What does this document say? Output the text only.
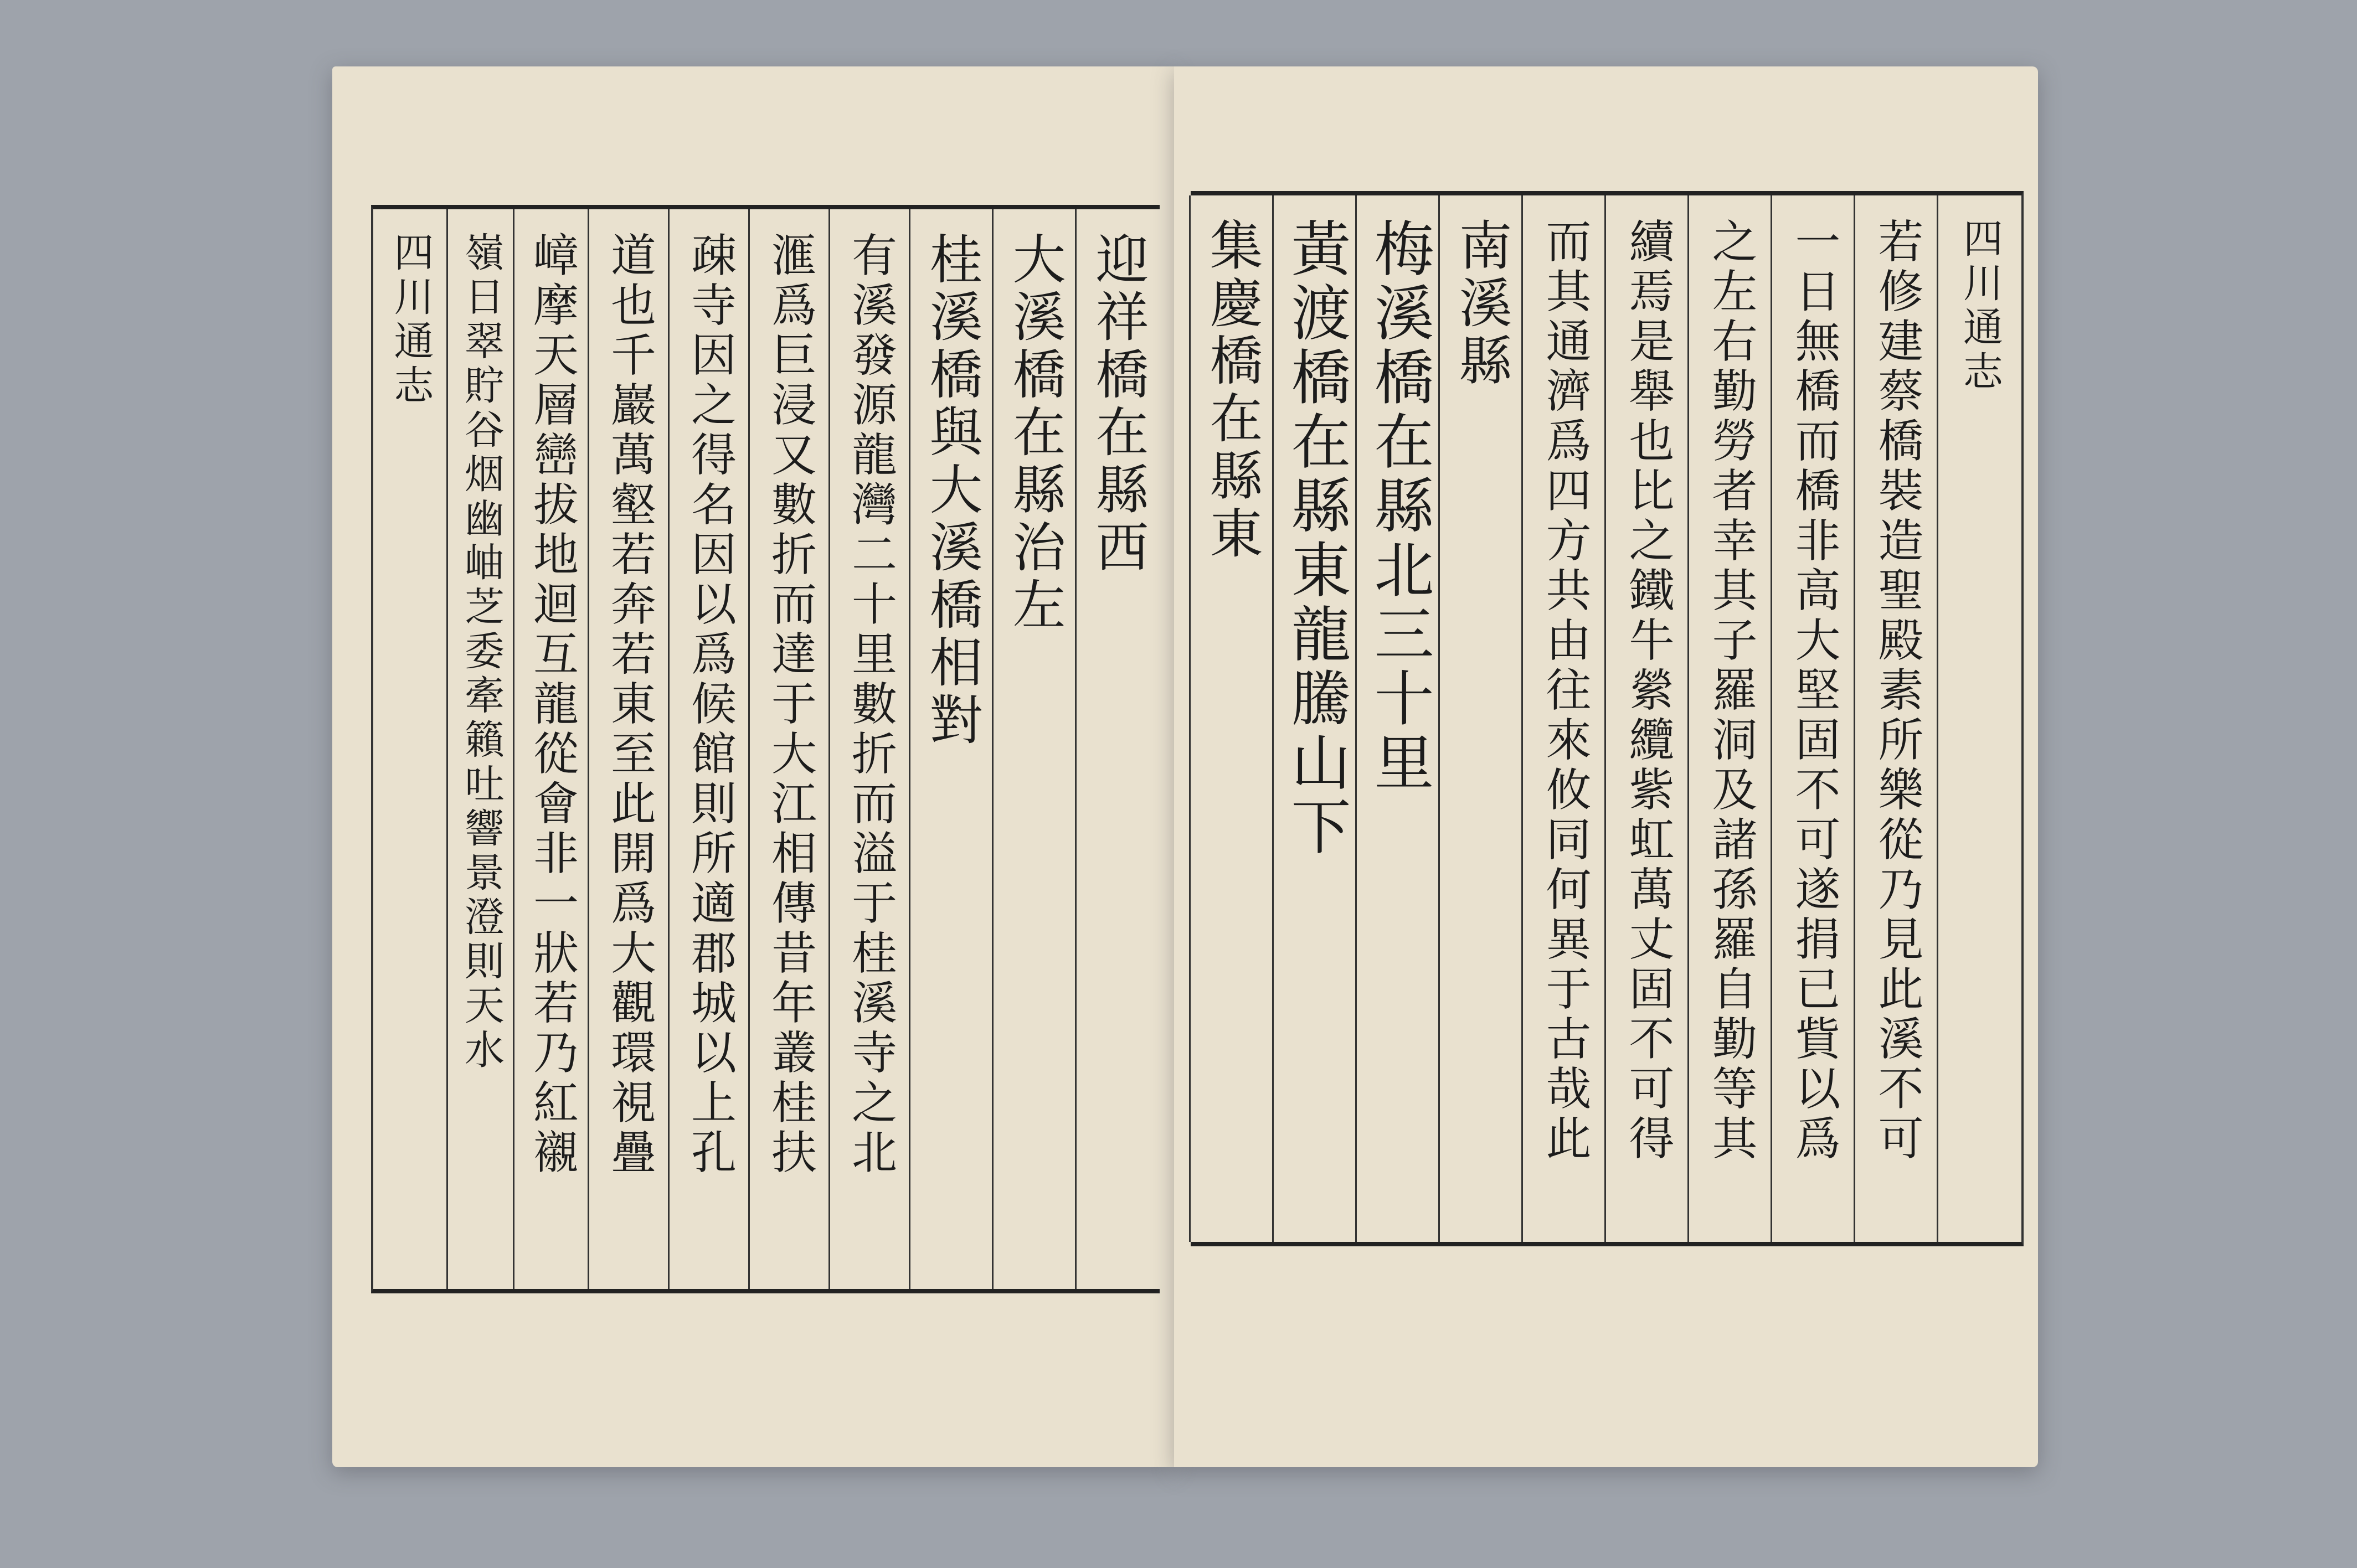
迎祥橋在縣西
大溪橋在縣治左
桂溪橋與大溪橋相對
有溪發源龍灣二十里數折而溢于桂溪寺之北
滙爲巨浸又數折而達于大江相傳昔年叢桂扶
疎寺因之得名因以爲候館則所適郡城以上孔
道也千巖萬壑若奔若東至此開爲大觀環視疊
嶂摩天層巒拔地迴互龍從會非一狀若乃紅襯
嶺日翠貯谷烟幽岫芝委牽籟吐響景澄則天水
四川通志	四川通志
若修建蔡橋裝造聖殿素所樂從乃見此溪不可
一日無橋而橋非高大堅固不可遂捐已貲以爲
之左右勤勞者幸其子羅洞及諸孫羅自勤等其
續焉是舉也比之鐵牛縈纜紫虹萬丈固不可得
而其通濟爲四方共由往來攸同何異于古哉此
南溪縣
梅溪橋在縣北三十里
黃渡橋在縣東龍騰山下
集慶橋在縣東
